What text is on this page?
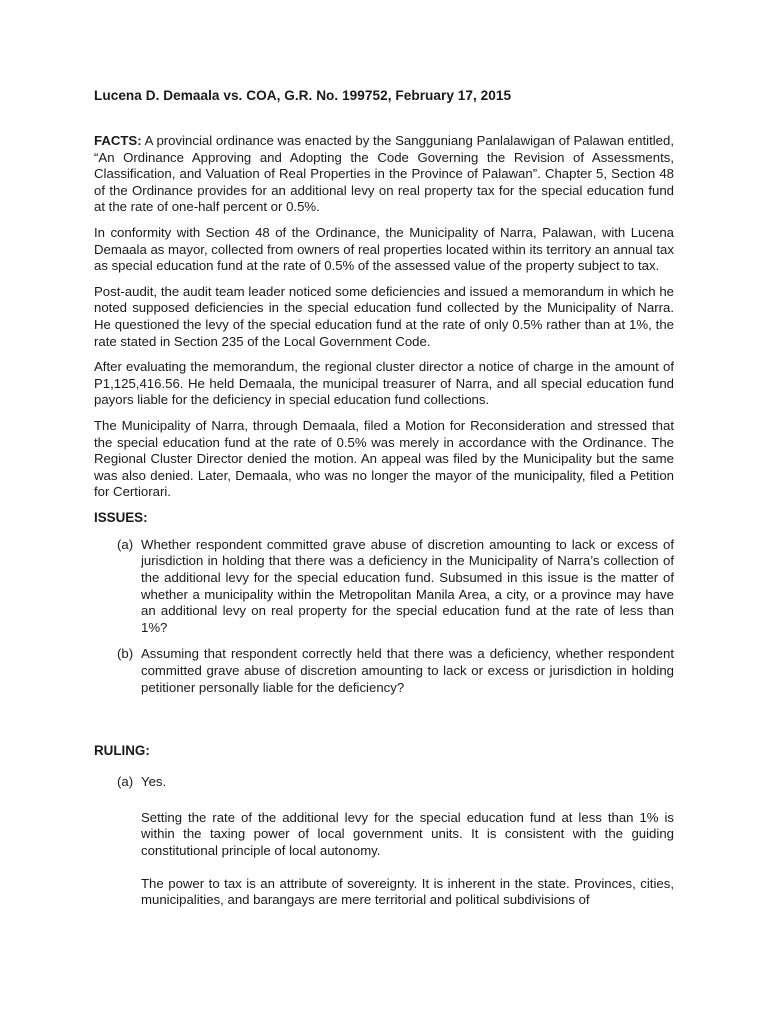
Lucena D. Demaala vs. COA, G.R. No. 199752, February 17, 2015

FACTS: A provincial ordinance was enacted by the Sangguniang Panlalawigan of Palawan entitled, “An Ordinance Approving and Adopting the Code Governing the Revision of Assessments, Classification, and Valuation of Real Properties in the Province of Palawan”. Chapter 5, Section 48 of the Ordinance provides for an additional levy on real property tax for the special education fund at the rate of one-half percent or 0.5%.

In conformity with Section 48 of the Ordinance, the Municipality of Narra, Palawan, with Lucena Demaala as mayor, collected from owners of real properties located within its territory an annual tax as special education fund at the rate of 0.5% of the assessed value of the property subject to tax.

Post-audit, the audit team leader noticed some deficiencies and issued a memorandum in which he noted supposed deficiencies in the special education fund collected by the Municipality of Narra. He questioned the levy of the special education fund at the rate of only 0.5% rather than at 1%, the rate stated in Section 235 of the Local Government Code.

After evaluating the memorandum, the regional cluster director a notice of charge in the amount of P1,125,416.56. He held Demaala, the municipal treasurer of Narra, and all special education fund payors liable for the deficiency in special education fund collections.

The Municipality of Narra, through Demaala, filed a Motion for Reconsideration and stressed that the special education fund at the rate of 0.5% was merely in accordance with the Ordinance. The Regional Cluster Director denied the motion. An appeal was filed by the Municipality but the same was also denied. Later, Demaala, who was no longer the mayor of the municipality, filed a Petition for Certiorari.

ISSUES:
(a) Whether respondent committed grave abuse of discretion amounting to lack or excess of jurisdiction in holding that there was a deficiency in the Municipality of Narra’s collection of the additional levy for the special education fund. Subsumed in this issue is the matter of whether a municipality within the Metropolitan Manila Area, a city, or a province may have an additional levy on real property for the special education fund at the rate of less than 1%?
(b) Assuming that respondent correctly held that there was a deficiency, whether respondent committed grave abuse of discretion amounting to lack or excess or jurisdiction in holding petitioner personally liable for the deficiency?
RULING:
(a) Yes.
Setting the rate of the additional levy for the special education fund at less than 1% is within the taxing power of local government units. It is consistent with the guiding constitutional principle of local autonomy.
The power to tax is an attribute of sovereignty. It is inherent in the state. Provinces, cities, municipalities, and barangays are mere territorial and political subdivisions of
